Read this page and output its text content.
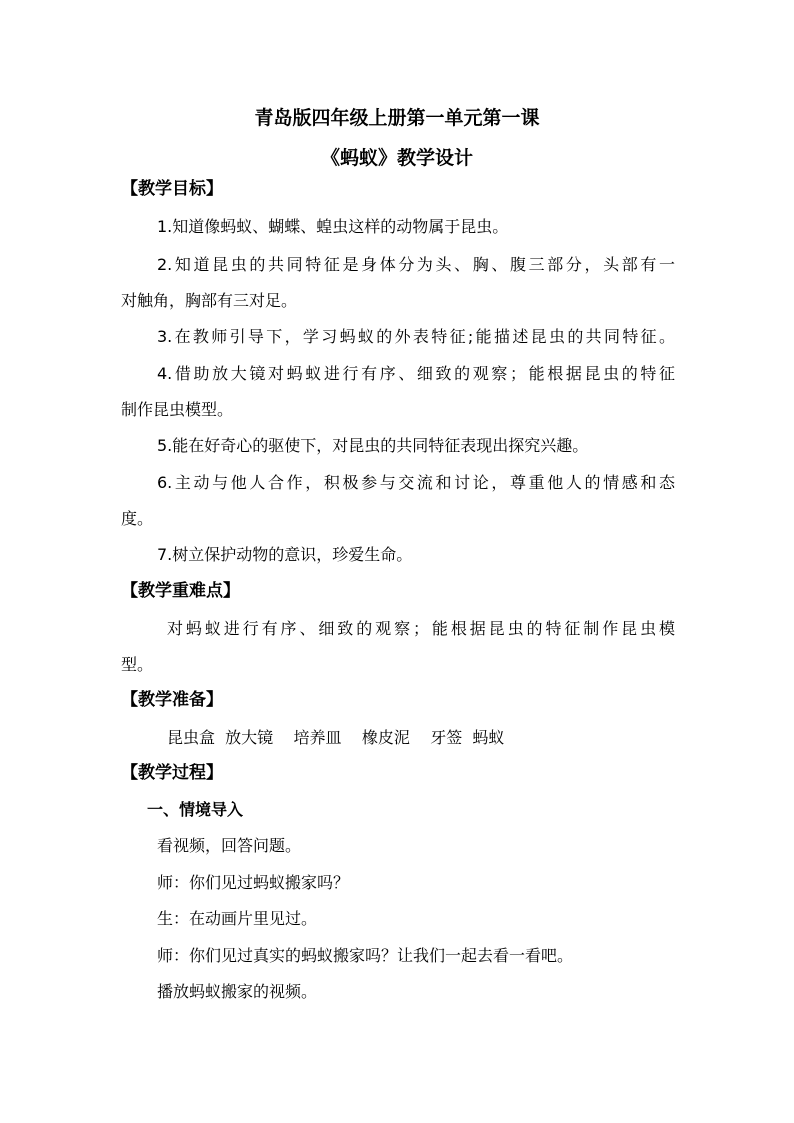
青岛版四年级上册第一单元第一课
《蚂蚁》教学设计
【教学目标】
1.知道像蚂蚁、蝴蝶、蝗虫这样的动物属于昆虫。
2.知道昆虫的共同特征是身体分为头、胸、腹三部分，头部有一
对触角，胸部有三对足。
3.在教师引导下，学习蚂蚁的外表特征;能描述昆虫的共同特征。
4.借助放大镜对蚂蚁进行有序、细致的观察；能根据昆虫的特征
制作昆虫模型。
5.能在好奇心的驱使下，对昆虫的共同特征表现出探究兴趣。
6.主动与他人合作，积极参与交流和讨论，尊重他人的情感和态
度。
7.树立保护动物的意识，珍爱生命。
【教学重难点】
对蚂蚁进行有序、细致的观察；能根据昆虫的特征制作昆虫模
型。
【教学准备】
昆虫盒  放大镜    培养皿    橡皮泥    牙签  蚂蚁
【教学过程】
一、情境导入
看视频，回答问题。
师：你们见过蚂蚁搬家吗？
生：在动画片里见过。
师：你们见过真实的蚂蚁搬家吗？让我们一起去看一看吧。
播放蚂蚁搬家的视频。
